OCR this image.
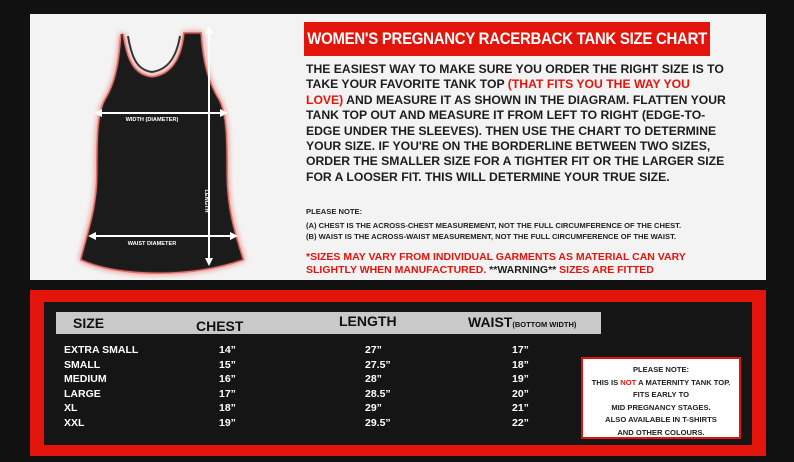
WIDTH (DIAMETER)
LENGTH
WAIST DIAMETER
WOMEN'S PREGNANCY RACERBACK TANK SIZE CHART
THE EASIEST WAY TO MAKE SURE YOU ORDER THE RIGHT SIZE IS TO TAKE YOUR FAVORITE TANK TOP (THAT FITS YOU THE WAY YOU LOVE) AND MEASURE IT AS SHOWN IN THE DIAGRAM. FLATTEN YOUR TANK TOP OUT AND MEASURE IT FROM LEFT TO RIGHT (EDGE-TO-EDGE UNDER THE SLEEVES). THEN USE THE CHART TO DETERMINE YOUR SIZE. IF YOU'RE ON THE BORDERLINE BETWEEN TWO SIZES, ORDER THE SMALLER SIZE FOR A TIGHTER FIT OR THE LARGER SIZE FOR A LOOSER FIT. THIS WILL DETERMINE YOUR TRUE SIZE.
PLEASE NOTE:
(A) CHEST IS THE ACROSS-CHEST MEASUREMENT, NOT THE FULL CIRCUMFERENCE OF THE CHEST.
(B) WAIST IS THE ACROSS-WAIST MEASUREMENT, NOT THE FULL CIRCUMFERENCE OF THE WAIST.
*SIZES MAY VARY FROM INDIVIDUAL GARMENTS AS MATERIAL CAN VARY SLIGHTLY WHEN MANUFACTURED. **WARNING** SIZES ARE FITTED
SIZE	CHEST	LENGTH	WAIST(BOTTOM WIDTH)
EXTRA SMALL	14”	27”	17”
SMALL	15”	27.5”	18”
MEDIUM	16”	28”	19”
LARGE	17”	28.5”	20”
XL	18”	29”	21”
XXL	19”	29.5”	22”
PLEASE NOTE:
THIS IS NOT A MATERNITY TANK TOP.
FITS EARLY TO
MID PREGNANCY STAGES.
ALSO AVAILABLE IN T-SHIRTS
AND OTHER COLOURS.
